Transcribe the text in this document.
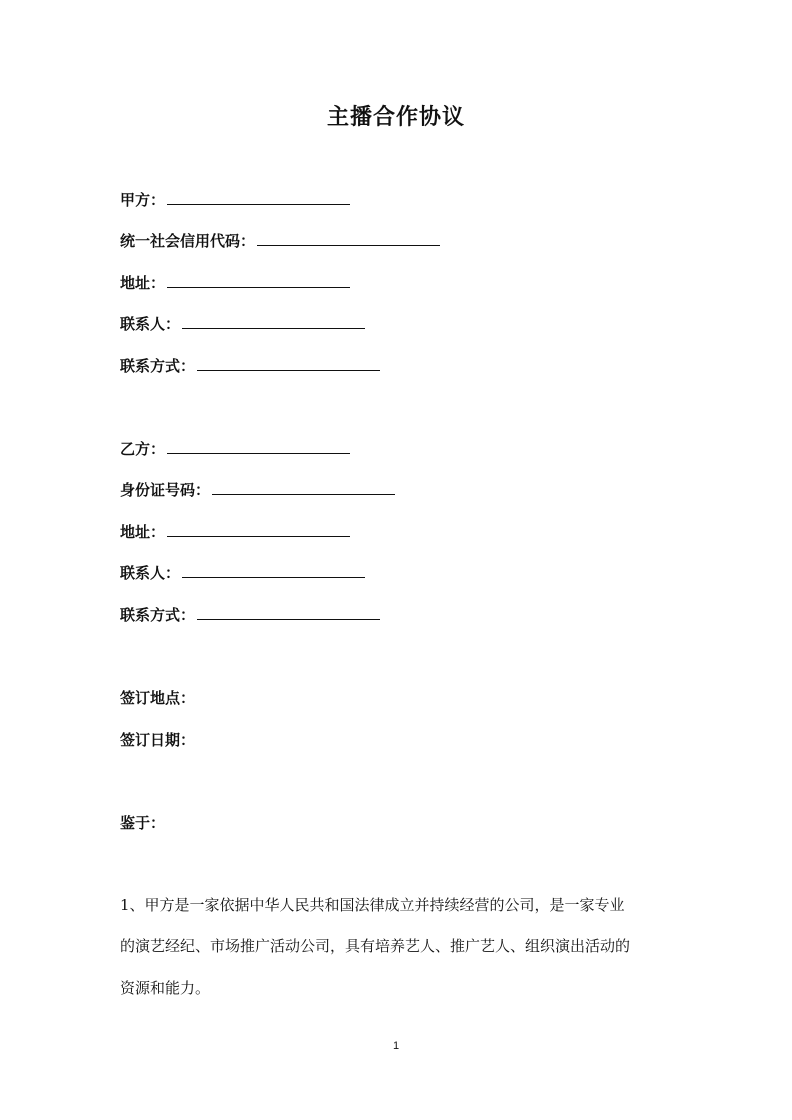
主播合作协议
甲方：
统一社会信用代码：
地址：
联系人：
联系方式：
乙方：
身份证号码：
地址：
联系人：
联系方式：
签订地点：
签订日期：
鉴于：
1、甲方是一家依据中华人民共和国法律成立并持续经营的公司，是一家专业
的演艺经纪、市场推广活动公司，具有培养艺人、推广艺人、组织演出活动的
资源和能力。
1
